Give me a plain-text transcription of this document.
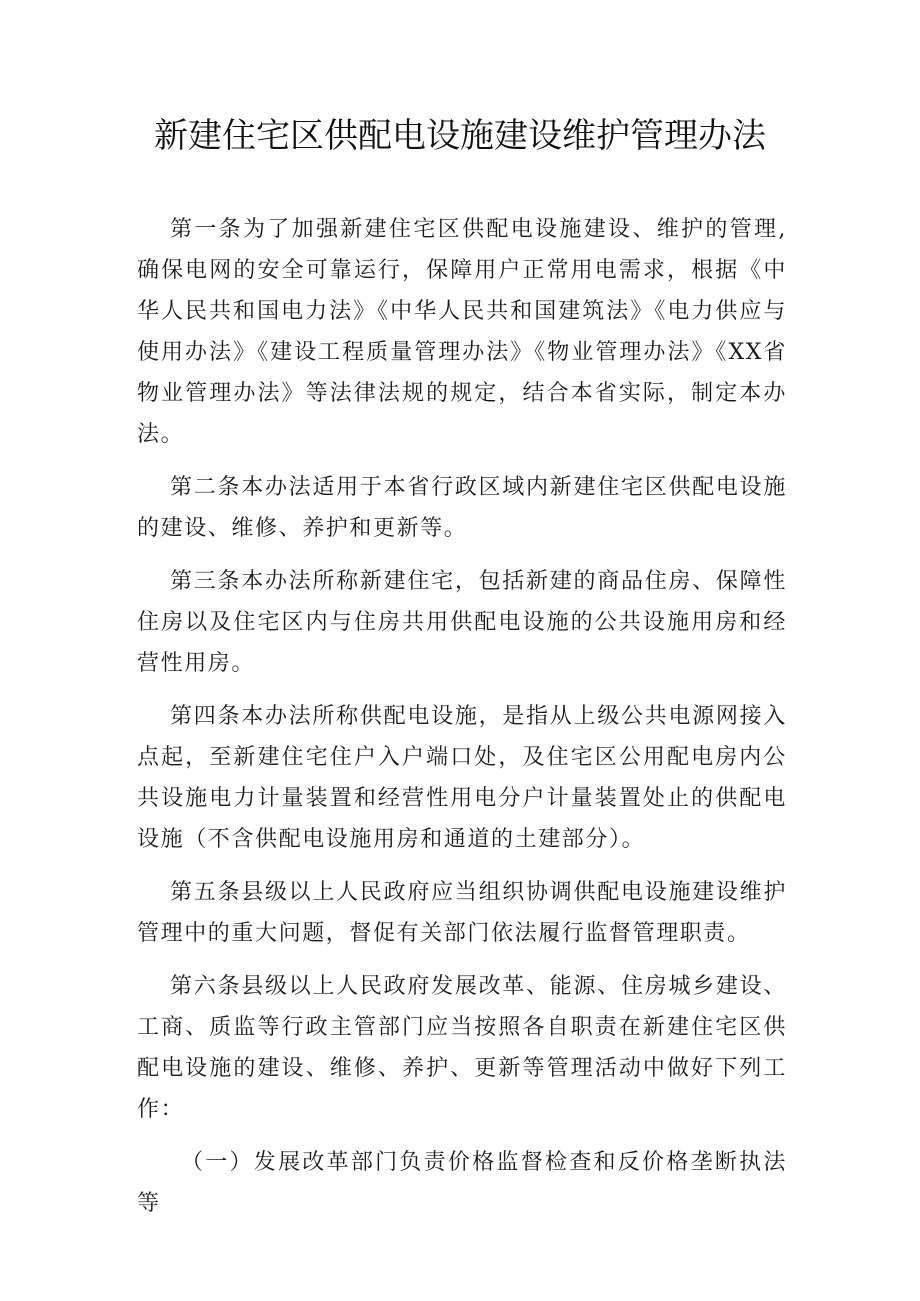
新建住宅区供配电设施建设维护管理办法

第一条为了加强新建住宅区供配电设施建设、维护的管理,确保电网的安全可靠运行，保障用户正常用电需求，根据《中华人民共和国电力法》《中华人民共和国建筑法》《电力供应与使用办法》《建设工程质量管理办法》《物业管理办法》《XX省物业管理办法》等法律法规的规定，结合本省实际，制定本办法。

第二条本办法适用于本省行政区域内新建住宅区供配电设施的建设、维修、养护和更新等。

第三条本办法所称新建住宅，包括新建的商品住房、保障性住房以及住宅区内与住房共用供配电设施的公共设施用房和经营性用房。

第四条本办法所称供配电设施，是指从上级公共电源网接入点起，至新建住宅住户入户端口处，及住宅区公用配电房内公共设施电力计量装置和经营性用电分户计量装置处止的供配电设施（不含供配电设施用房和通道的土建部分）。

第五条县级以上人民政府应当组织协调供配电设施建设维护管理中的重大问题，督促有关部门依法履行监督管理职责。

第六条县级以上人民政府发展改革、能源、住房城乡建设、工商、质监等行政主管部门应当按照各自职责在新建住宅区供配电设施的建设、维修、养护、更新等管理活动中做好下列工作：

（一）发展改革部门负责价格监督检查和反价格垄断执法等
